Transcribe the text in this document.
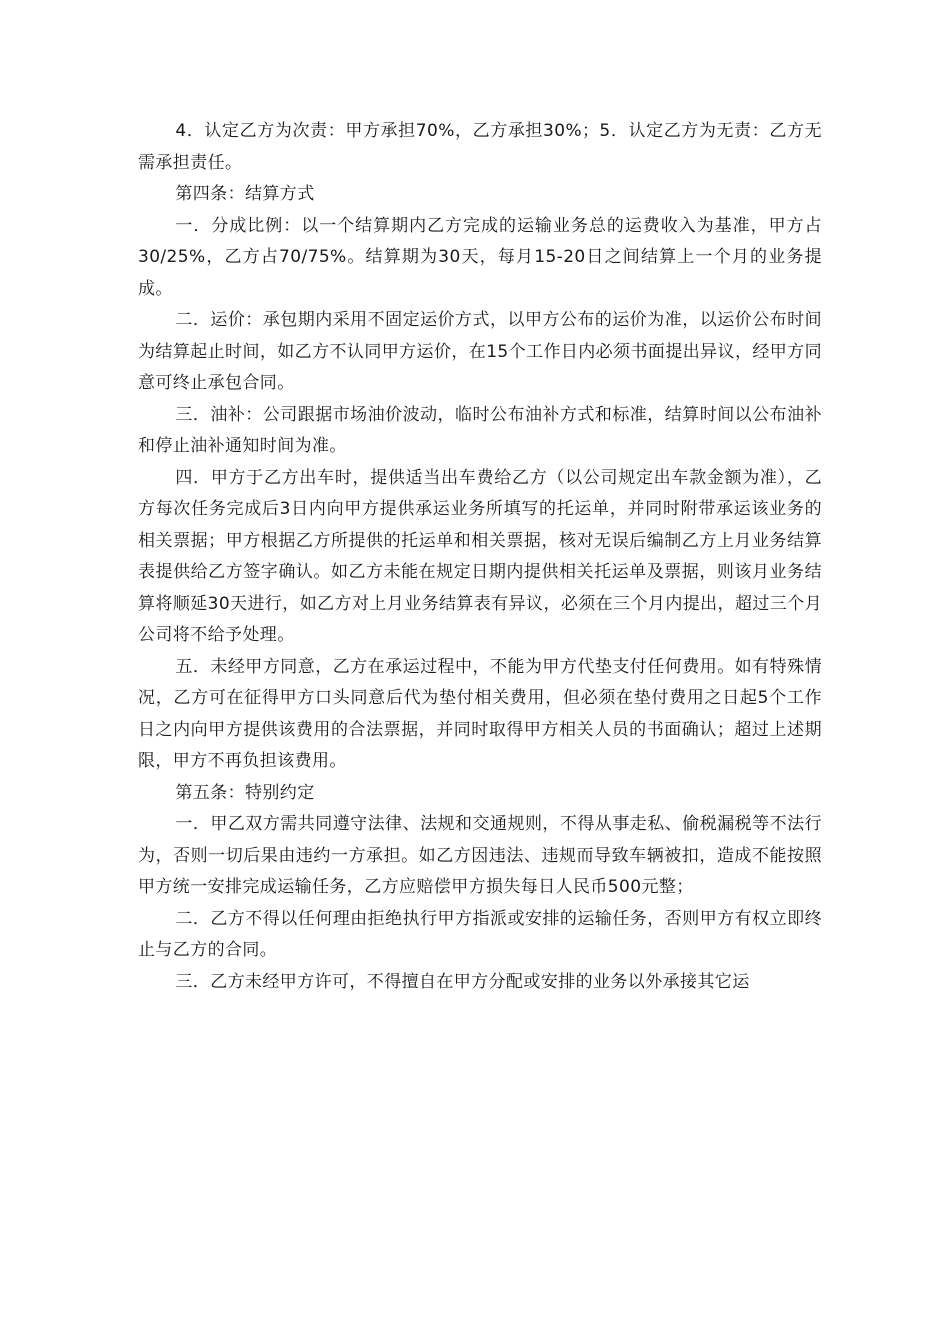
4．认定乙方为次责：甲方承担70%，乙方承担30%；5．认定乙方为无责：乙方无需承担责任。

第四条：结算方式

一．分成比例：以一个结算期内乙方完成的运输业务总的运费收入为基准，甲方占30/25%，乙方占70/75%。结算期为30天，每月15-20日之间结算上一个月的业务提成。

二．运价：承包期内采用不固定运价方式，以甲方公布的运价为准，以运价公布时间为结算起止时间，如乙方不认同甲方运价，在15个工作日内必须书面提出异议，经甲方同意可终止承包合同。

三．油补：公司跟据市场油价波动，临时公布油补方式和标准，结算时间以公布油补和停止油补通知时间为准。

四．甲方于乙方出车时，提供适当出车费给乙方（以公司规定出车款金额为准），乙方每次任务完成后3日内向甲方提供承运业务所填写的托运单，并同时附带承运该业务的相关票据；甲方根据乙方所提供的托运单和相关票据，核对无误后编制乙方上月业务结算表提供给乙方签字确认。如乙方未能在规定日期内提供相关托运单及票据，则该月业务结算将顺延30天进行，如乙方对上月业务结算表有异议，必须在三个月内提出，超过三个月公司将不给予处理。

五．未经甲方同意，乙方在承运过程中，不能为甲方代垫支付任何费用。如有特殊情况，乙方可在征得甲方口头同意后代为垫付相关费用，但必须在垫付费用之日起5个工作日之内向甲方提供该费用的合法票据，并同时取得甲方相关人员的书面确认；超过上述期限，甲方不再负担该费用。

第五条：特别约定

一．甲乙双方需共同遵守法律、法规和交通规则，不得从事走私、偷税漏税等不法行为，否则一切后果由违约一方承担。如乙方因违法、违规而导致车辆被扣，造成不能按照甲方统一安排完成运输任务，乙方应赔偿甲方损失每日人民币500元整；

二．乙方不得以任何理由拒绝执行甲方指派或安排的运输任务，否则甲方有权立即终止与乙方的合同。

三．乙方未经甲方许可，不得擅自在甲方分配或安排的业务以外承接其它运
